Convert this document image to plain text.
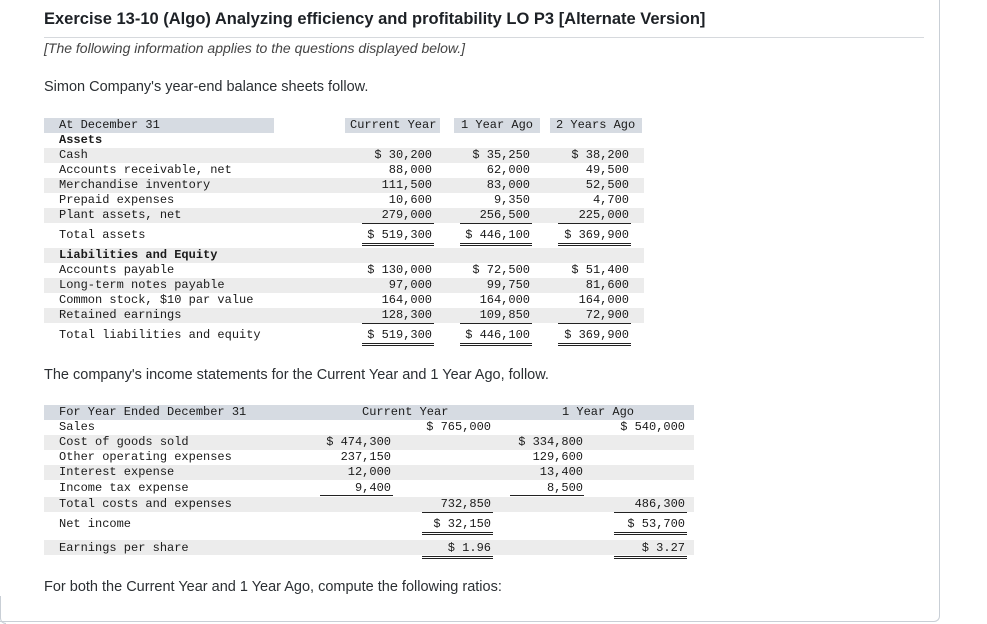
Exercise 13-10 (Algo) Analyzing efficiency and profitability LO P3 [Alternate Version]
[The following information applies to the questions displayed below.]
Simon Company's year-end balance sheets follow.
At December 31	Current Year 1 Year Ago 2 Years Ago
Assets
Cash	$ 30,200	$ 35,250	$ 38,200
Accounts receivable, net	88,000	62,000	49,500
Merchandise inventory	111,500	83,000	52,500
Prepaid expenses	10,600	9,350	4,700
Plant assets, net	279,000	256,500	225,000
Total assets	$ 519,300	$ 446,100	$ 369,900
Liabilities and Equity
Accounts payable	$ 130,000	$ 72,500	$ 51,400
Long-term notes payable	97,000	99,750	81,600
Common stock, $10 par value	164,000	164,000	164,000
Retained earnings	128,300	109,850	72,900
Total liabilities and equity	$ 519,300	$ 446,100	$ 369,900
The company's income statements for the Current Year and 1 Year Ago, follow.
For Year Ended December 31	Current Year	1 Year Ago
Sales	$ 765,000	$ 540,000
Cost of goods sold	$ 474,300	$ 334,800
Other operating expenses	237,150	129,600
Interest expense	12,000	13,400
Income tax expense	9,400	8,500
Total costs and expenses	732,850	486,300
Net income	$ 32,150	$ 53,700
Earnings per share	$ 1.96	$ 3.27
For both the Current Year and 1 Year Ago, compute the following ratios:
